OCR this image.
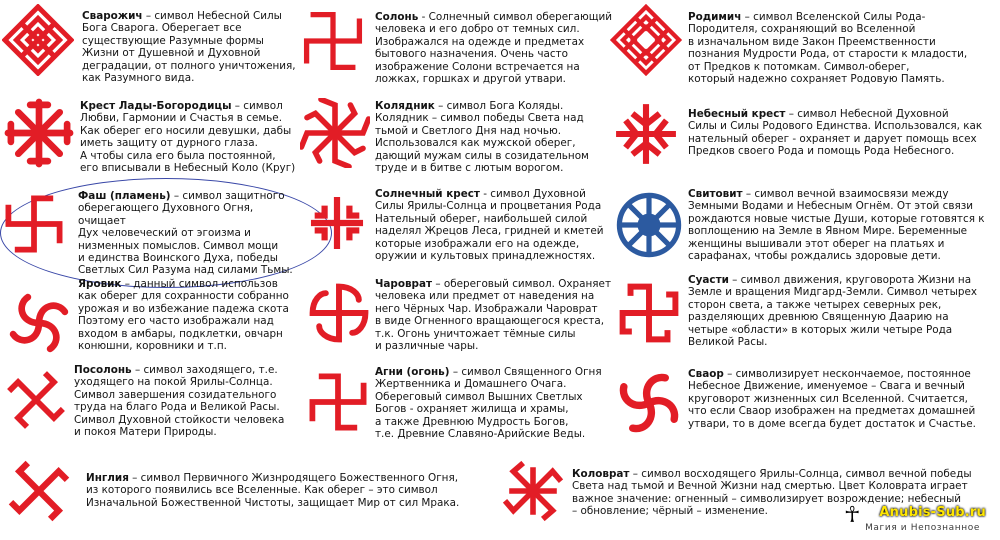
Сварожич – символ Небесной Силы
Бога Сварога. Оберегает все
существующие Разумные формы
Жизни от Душевной и Духовной
деградации, от полного уничтожения,
как Разумного вида.
Солонь - Солнечный символ оберегающий
человека и его добро от темных сил.
Изображался на одежде и предметах
бытового назначения. Очень часто
изображение Солони встречается на
ложках, горшках и другой утвари.
Родимич – символ Вселенской Силы Рода-
Породителя, сохраняющий во Вселенной
в изначальном виде Закон Преемственности
познания Мудрости Рода, от старости к младости,
от Предков к потомкам. Символ-оберег,
который надежно сохраняет Родовую Память.
Крест Лады-Богородицы – символ
Любви, Гармонии и Счастья в семье.
Как оберег его носили девушки, дабы
иметь защиту от дурного глаза.
А чтобы сила его была постоянной,
его вписывали в Небесный Коло (Круг)
Колядник – символ Бога Коляды.
Колядник – символ победы Света над
тьмой и Светлого Дня над ночью.
Использовался как мужской оберег,
дающий мужам силы в созидательном
труде и в битве с лютым ворогом.
Небесный крест – символ Небесной Духовной
Силы и Силы Родового Единства. Использовался, как
нательный оберег - охраняет и дарует помощь всех
Предков своего Рода и помощь Рода Небесного.
Фаш (пламень) – символ защитного
оберегающего Духовного Огня, очищает
Дух человеческий от эгоизма и
низменных помыслов. Символ мощи
и единства Воинского Духа, победы
Светлых Сил Разума над силами Тьмы.
Солнечный крест - символ Духовной
Силы Ярилы-Солнца и процветания Рода
Нательный оберег, наибольшей силой
наделял Жрецов Леса, гридней и кметей
которые изображали его на одежде,
оружии и культовых принадлежностях.
Свитовит – символ вечной взаимосвязи между
Земными Водами и Небесным Огнём. От этой связи
рождаются новые чистые Души, которые готовятся к
воплощению на Земле в Явном Мире. Беременные
женщины вышивали этот оберег на платьях и
сарафанах, чтобы рождались здоровые дети.
Яровик – данный символ использов
как оберег для сохранности собранно
урожая и во избежание падежа скота
Поэтому его часто изображали над
входом в амбары, подклетки, овчарн
конюшни, коровники и т.п.
Чароврат – обереговый символ. Охраняет
человека или предмет от наведения на
него Чёрных Чар. Изображали Чароврат
в виде Огненного вращающегося креста,
т.к. Огонь уничтожает тёмные силы
и различные чары.
Суасти – символ движения, круговорота Жизни на
Земле и вращения Мидгард-Земли. Символ четырех
сторон света, а также четырех северных рек,
разделяющих древнюю Священную Даарию на
четыре «области» в которых жили четыре Рода
Великой Расы.
Посолонь – символ заходящего, т.е.
уходящего на покой Ярилы-Солнца.
Символ завершения созидательного
труда на благо Рода и Великой Расы.
Символ Духовной стойкости человека
и покоя Матери Природы.
Агни (огонь) – символ Священного Огня
Жертвенника и Домашнего Очага.
Обереговый символ Вышних Светлых
Богов - охраняет жилища и храмы,
а также Древнюю Мудрость Богов,
т.е. Древние Славяно-Арийские Веды.
Сваор – символизирует нескончаемое, постоянное
Небесное Движение, именуемое – Свага и вечный
круговорот жизненных сил Вселенной. Считается,
что если Сваор изображен на предметах домашней
утвари, то в доме всегда будет достаток и Счастье.
Инглия – символ Первичного Жизнродящего Божественного Огня,
из которого появились все Вселенные. Как оберег – это символ
Изначальной Божественной Чистоты, защищает Мир от сил Мрака.
Коловрат – символ восходящего Ярилы-Солнца, символ вечной победы
Света над тьмой и Вечной Жизни над смертью. Цвет Коловрата играет
важное значение: огненный – символизирует возрождение; небесный
– обновление; чёрный – изменение.	☥ Anubis-Sub.ru
Магия и Непознанное
